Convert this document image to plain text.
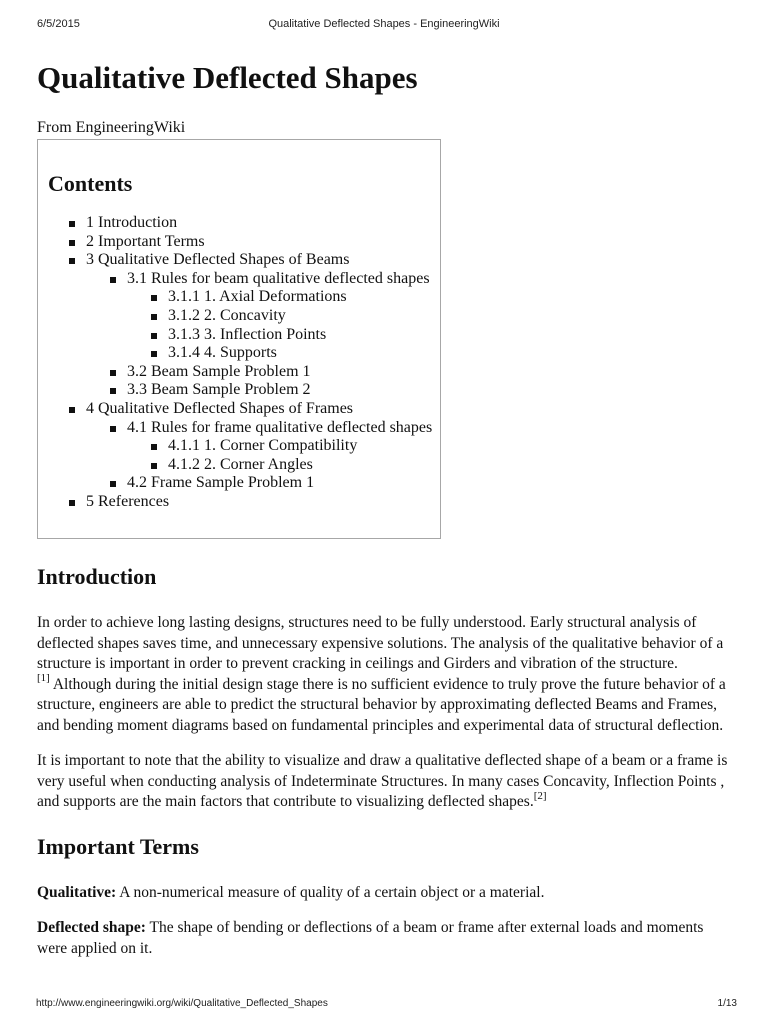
6/5/2015	Qualitative Deflected Shapes - EngineeringWiki
Qualitative Deflected Shapes
From EngineeringWiki
Contents
1 Introduction
2 Important Terms
3 Qualitative Deflected Shapes of Beams
3.1 Rules for beam qualitative deflected shapes
3.1.1 1. Axial Deformations
3.1.2 2. Concavity
3.1.3 3. Inflection Points
3.1.4 4. Supports
3.2 Beam Sample Problem 1
3.3 Beam Sample Problem 2
4 Qualitative Deflected Shapes of Frames
4.1 Rules for frame qualitative deflected shapes
4.1.1 1. Corner Compatibility
4.1.2 2. Corner Angles
4.2 Frame Sample Problem 1
5 References
Introduction

In order to achieve long lasting designs, structures need to be fully understood. Early structural analysis of deflected shapes saves time, and unnecessary expensive solutions. The analysis of the qualitative behavior of a structure is important in order to prevent cracking in ceilings and Girders and vibration of the structure.
[1] Although during the initial design stage there is no sufficient evidence to truly prove the future behavior of a structure, engineers are able to predict the structural behavior by approximating deflected Beams and Frames, and bending moment diagrams based on fundamental principles and experimental data of structural deflection.

It is important to note that the ability to visualize and draw a qualitative deflected shape of a beam or a frame is very useful when conducting analysis of Indeterminate Structures. In many cases Concavity, Inflection Points , and supports are the main factors that contribute to visualizing deflected shapes.[2]

Important Terms

Qualitative: A non-numerical measure of quality of a certain object or a material.

Deflected shape: The shape of bending or deflections of a beam or frame after external loads and moments were applied on it.

http://www.engineeringwiki.org/wiki/Qualitative_Deflected_Shapes	1/13
